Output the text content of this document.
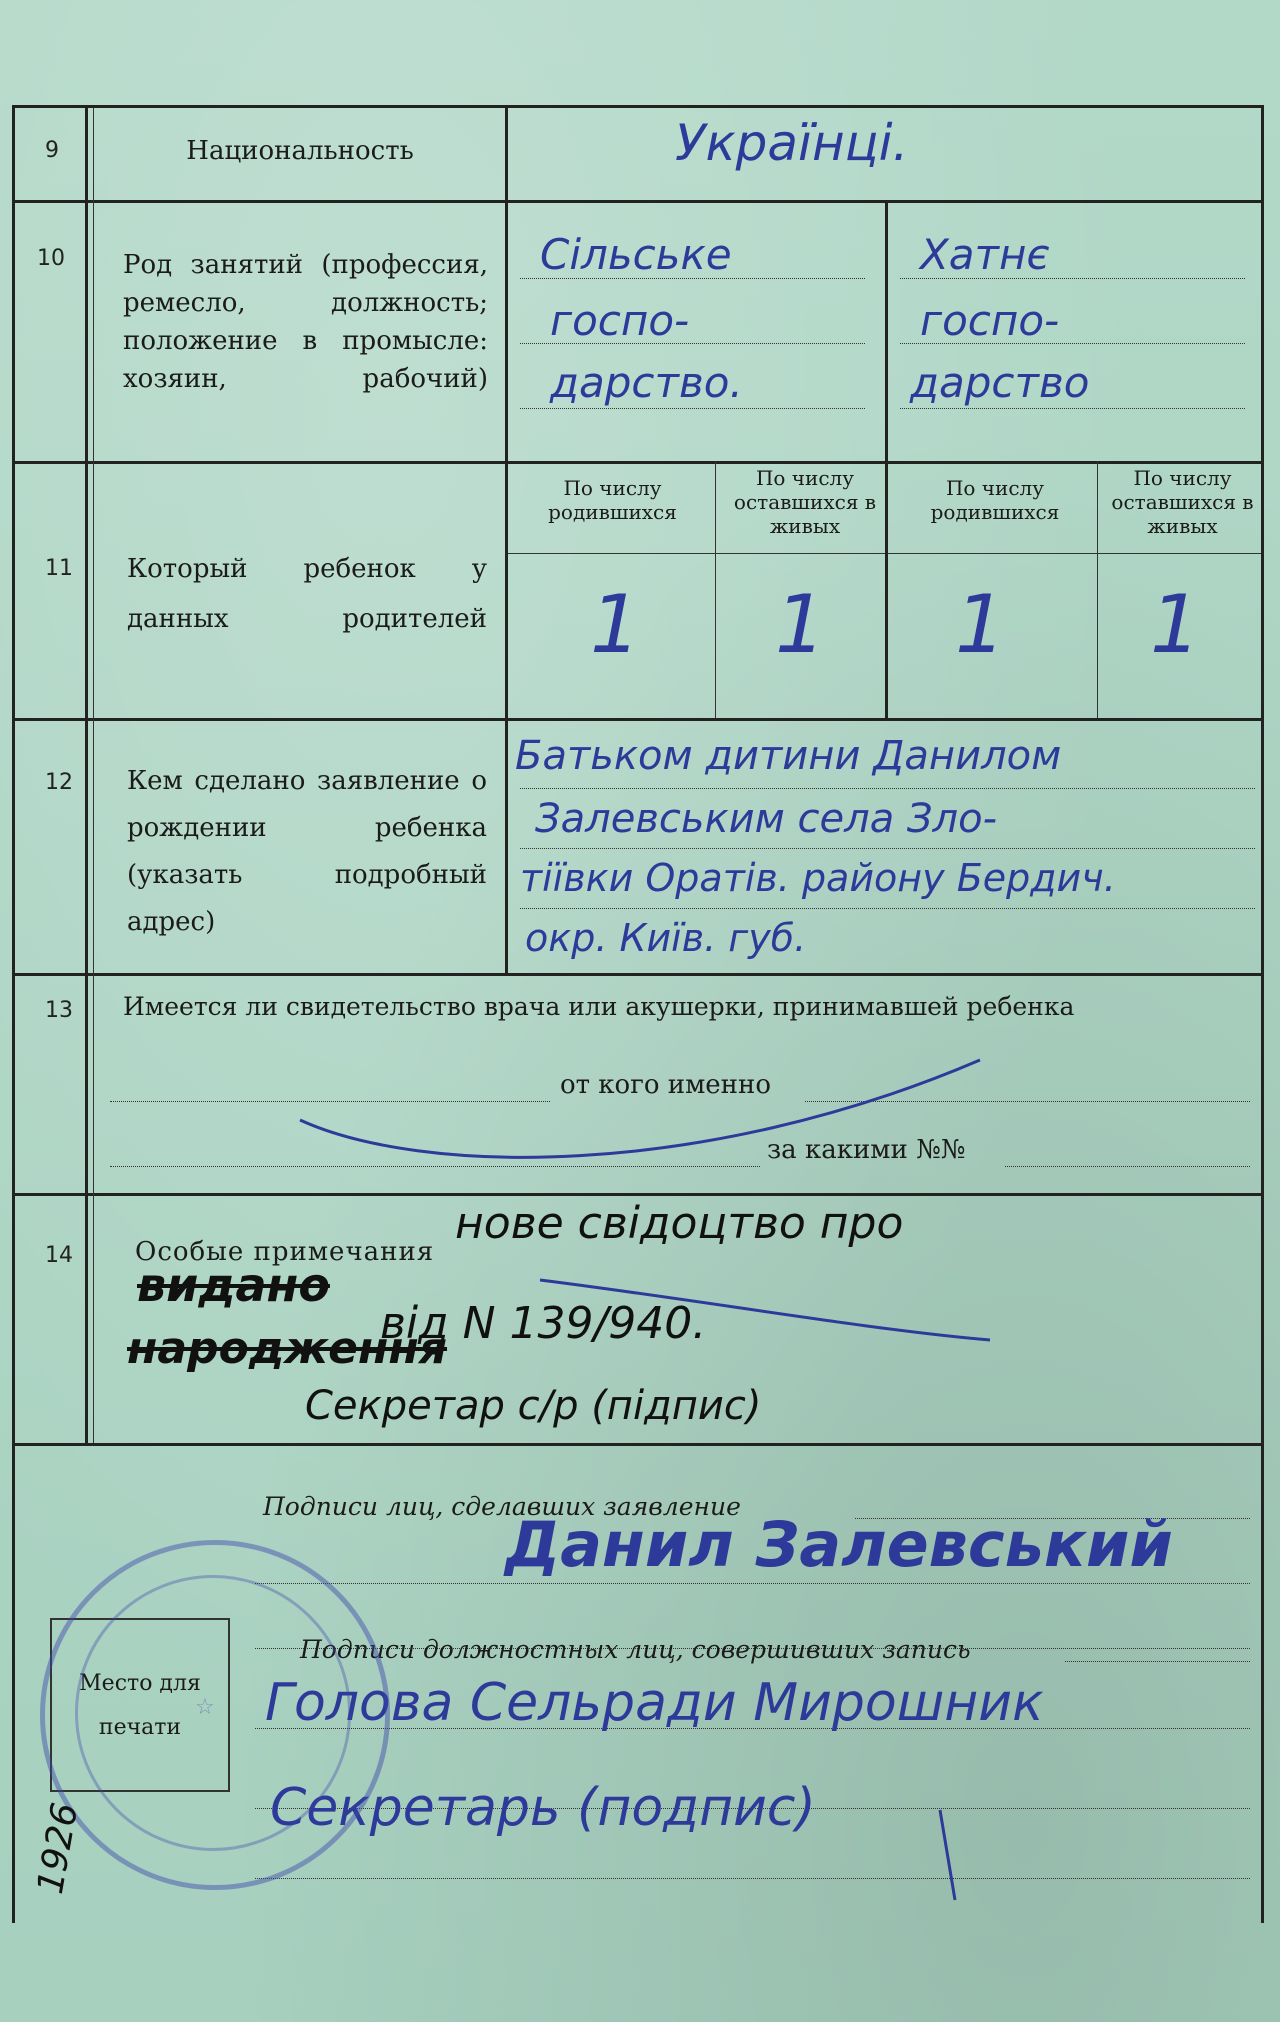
9	Национальность	Українці.
10 Род занятий (профессия, ремесло, должность; положение в промысле: хозяин, рабочий)
Сільське
госпо-
дарство.
Хатнє
госпо-
дарство
11 Который ребенок у данных родителей
По числу родившихся
По числу оставшихся в живых
По числу родившихся
По числу оставшихся в живых
1 1 1 1
12 Кем сделано заявление о рождении ребенка (указать подробный адрес)
Батьком дитини Данилом
Залевським села Зло-
тіївки Оратів. району Бердич.
окр. Київ. губ.
13 Имеется ли свидетельство врача или акушерки, принимавшей ребенка
от кого именно
за какими №№
14 Особые примечания
нове свідоцтво про
видано
народження
від N 139/940.
Секретар с/р (підпис)
Подписи лиц, сделавших заявление
Данил Залевський
Подписи должностных лиц, совершивших запись
Голова Сельради Мирошник
Секретарь (подпис)
Место для печати
☆
1926
